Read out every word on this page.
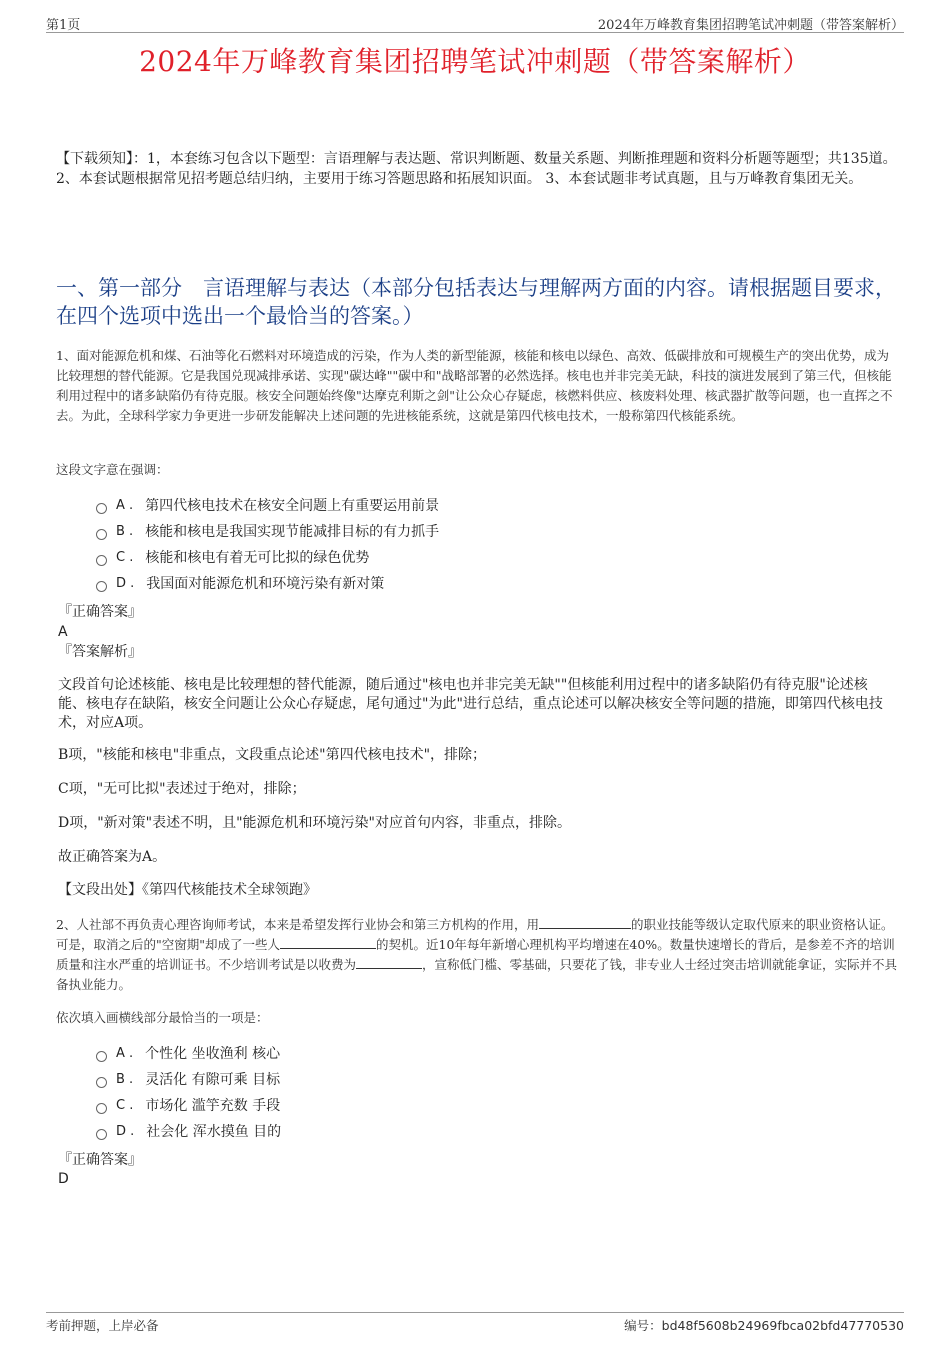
第1页	2024年万峰教育集团招聘笔试冲刺题（带答案解析）
2024年万峰教育集团招聘笔试冲刺题（带答案解析）
【下载须知】：1，本套练习包含以下题型：言语理解与表达题、常识判断题、数量关系题、判断推理题和资料分析题等题型；共135道。 2、本套试题根据常见招考题总结归纳，主要用于练习答题思路和拓展知识面。 3、本套试题非考试真题，且与万峰教育集团无关。
一、第一部分　言语理解与表达（本部分包括表达与理解两方面的内容。请根据题目要求，在四个选项中选出一个最恰当的答案。）
1、面对能源危机和煤、石油等化石燃料对环境造成的污染，作为人类的新型能源，核能和核电以绿色、高效、低碳排放和可规模生产的突出优势，成为比较理想的替代能源。它是我国兑现减排承诺、实现"碳达峰""碳中和"战略部署的必然选择。核电也并非完美无缺，科技的演进发展到了第三代，但核能利用过程中的诸多缺陷仍有待克服。核安全问题始终像"达摩克利斯之剑"让公众心存疑虑，核燃料供应、核废料处理、核武器扩散等问题，也一直挥之不去。为此，全球科学家力争更进一步研发能解决上述问题的先进核能系统，这就是第四代核电技术，一般称第四代核能系统。
这段文字意在强调：
A . 第四代核电技术在核安全问题上有重要运用前景
B . 核能和核电是我国实现节能减排目标的有力抓手
C . 核能和核电有着无可比拟的绿色优势
D . 我国面对能源危机和环境污染有新对策
『正确答案』
A
『答案解析』
文段首句论述核能、核电是比较理想的替代能源，随后通过"核电也并非完美无缺""但核能利用过程中的诸多缺陷仍有待克服"论述核能、核电存在缺陷，核安全问题让公众心存疑虑，尾句通过"为此"进行总结，重点论述可以解决核安全等问题的措施，即第四代核电技术，对应A项。
B项，"核能和核电"非重点，文段重点论述"第四代核电技术"，排除；
C项，"无可比拟"表述过于绝对，排除；
D项，"新对策"表述不明，且"能源危机和环境污染"对应首句内容，非重点，排除。
故正确答案为A。
【文段出处】《第四代核能技术全球领跑》
2、人社部不再负责心理咨询师考试，本来是希望发挥行业协会和第三方机构的作用，用	的职业技能等级认定取代原来的职业资格认证。可是，取消之后的"空窗期"却成了一些人	的契机。近10年每年新增心理机构平均增速在40%。数量快速增长的背后，是参差不齐的培训质量和注水严重的培训证书。不少培训考试是以收费为	，宣称低门槛、零基础，只要花了钱，非专业人士经过突击培训就能拿证，实际并不具备执业能力。
依次填入画横线部分最恰当的一项是：
A . 个性化 坐收渔利 核心
B . 灵活化 有隙可乘 目标
C . 市场化 滥竽充数 手段
D . 社会化 浑水摸鱼 目的
『正确答案』
D
考前押题，上岸必备	编号：bd48f5608b24969fbca02bfd47770530
